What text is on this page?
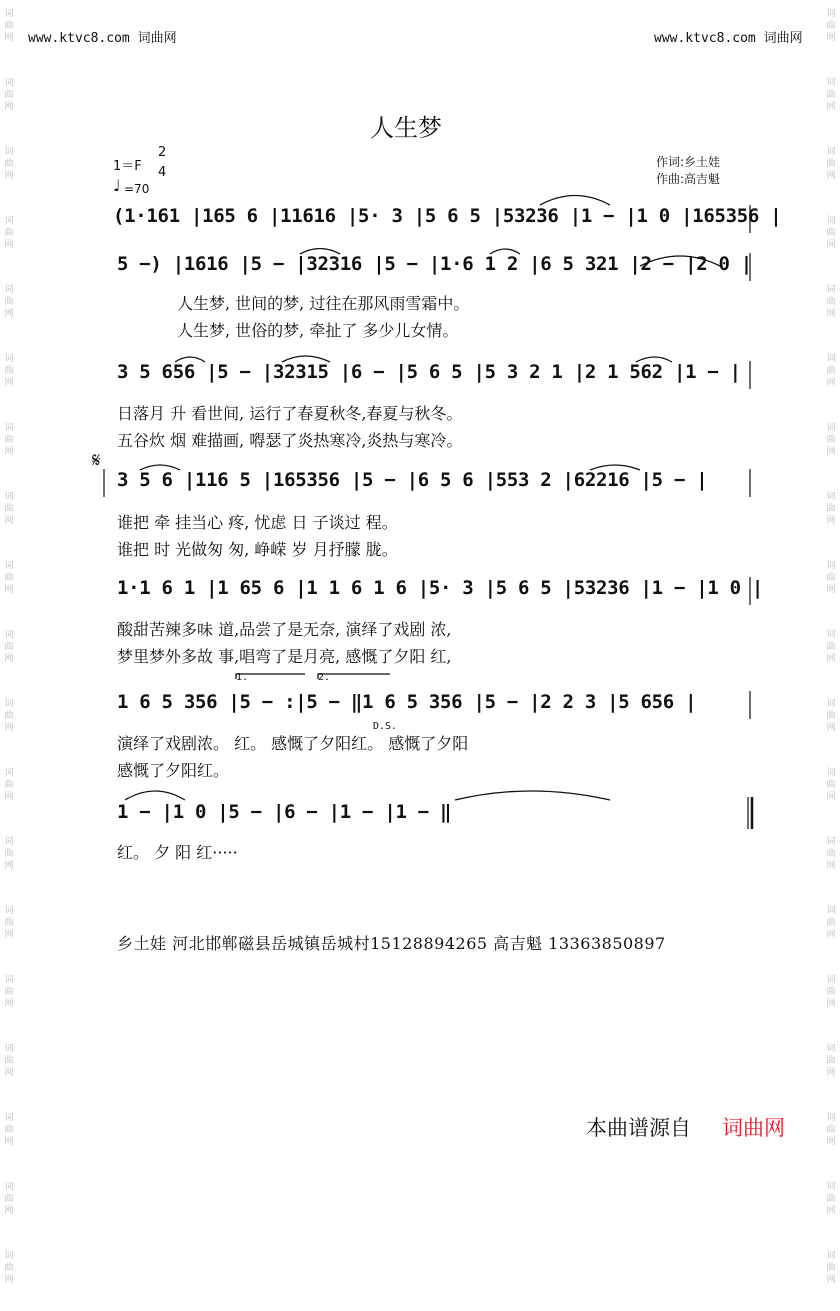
词
曲
网
词
曲
网
词
曲
网
词
曲
网
词
曲
网
词
曲
网
词
曲
网
词
曲
网
词
曲
网
词
曲
网
词
曲
网
词
曲
网
词
曲
网
词
曲
网
词
曲
网
词
曲
网
词
曲
网
词
曲
网
词
曲
网
词
曲
网
词
曲
网
词
曲
网
词
曲
网
词
曲
网
词
曲
网
词
曲
网
词
曲
网
词
曲
网
词
曲
网
词
曲
网
词
曲
网
词
曲
网
词
曲
网
词
曲
网
词
曲
网
词
曲
网
词
曲
网
词
曲
网
www.ktvc8.com 词曲网	www.ktvc8.com 词曲网
人生梦
1＝F
2
4
♩ =70
作词:乡土娃
作曲:高吉魁
(1·161 |165 6 |11616 |5· 3 |5 6 5 |53236 |1 − |1 0 |165356 |
5 −) |1616 |5 − |32316 |5 − |1·6 1 2 |6 5 321 |2 − |2 0 |
人生梦, 世间的梦, 过往在那风雨雪霜中。
人生梦, 世俗的梦, 牵扯了 多少儿女情。
3 5 656 |5 − |32315 |6 − |5 6 5 |5 3 2 1 |2 1 562 |1 − |
日落月 升 看世间, 运行了春夏秋冬,春夏与秋冬。
五谷炊 烟 难描画, 嘚瑟了炎热寒冷,炎热与寒冷。
𝄋
3 5 6 |116 5 |165356 |5 − |6 5 6 |553 2 |62216 |5 − |
谁把 牵 挂当心 疼, 忧虑 日 子谈过 程。
谁把 时 光做匆 匆, 峥嵘 岁 月抒朦 胧。
1·1 6 1 |1 65 6 |1 1 6 1 6 |5· 3 |5 6 5 |53236 |1 − |1 0 |
酸甜苦辣多味 道,品尝了是无奈, 演绎了戏剧 浓,
梦里梦外多故 事,唱弯了是月亮, 感慨了夕阳 红,
1.	2.
1 6 5 356 |5 − :|5 − ‖1 6 5 356 |5 − |2 2 3 |5 656 |
D.S.
演绎了戏剧浓。 红。 感慨了夕阳红。 感慨了夕阳
感慨了夕阳红。
1 − |1 0 |5 − |6 − |1 − |1 − ‖
红。 夕 阳 红·····
乡土娃 河北邯郸磁县岳城镇岳城村15128894265 高吉魁 13363850897
本曲谱源自 词曲网
